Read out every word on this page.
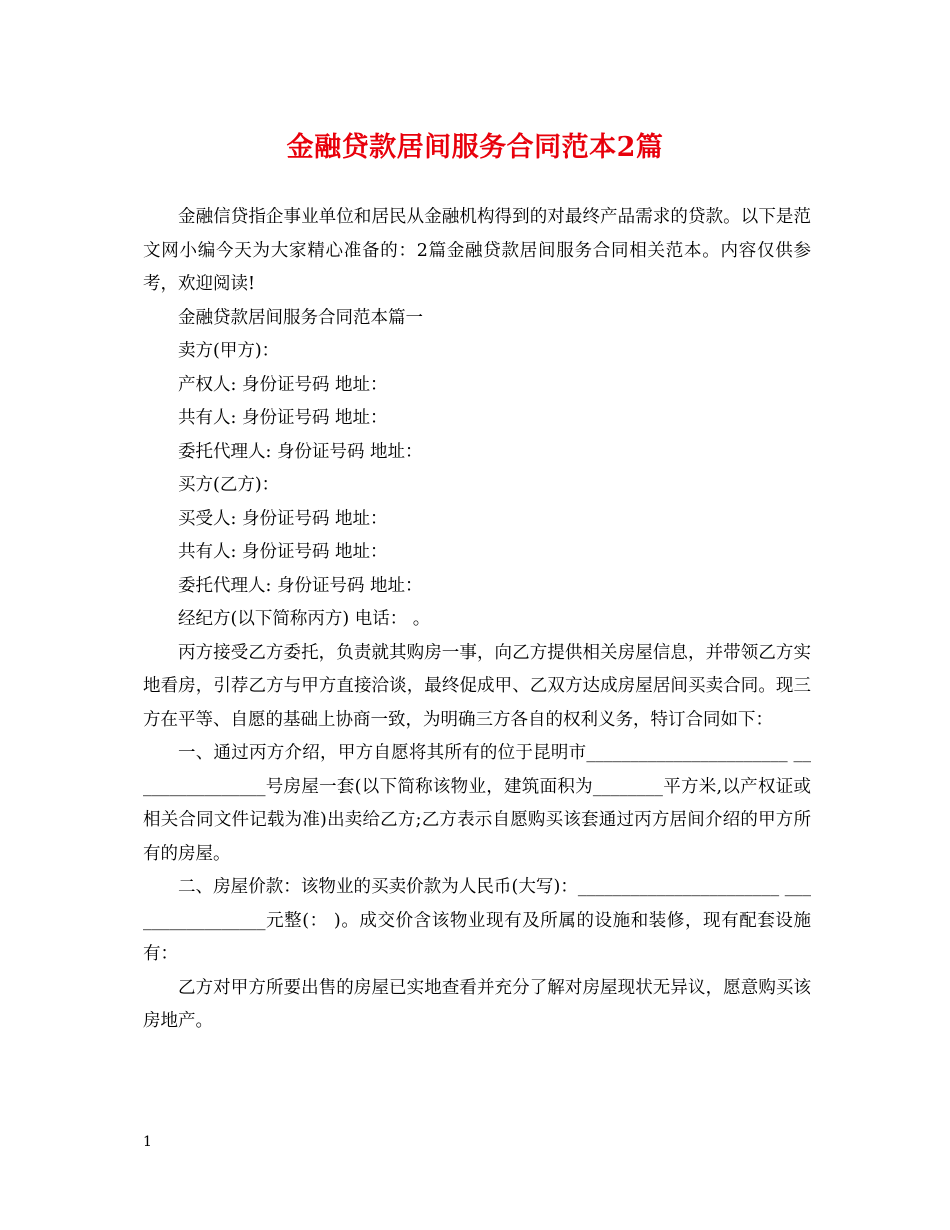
金融贷款居间服务合同范本2篇

金融信贷指企事业单位和居民从金融机构得到的对最终产品需求的贷款。以下是范文网小编今天为大家精心准备的：2篇金融贷款居间服务合同相关范本。内容仅供参考，欢迎阅读!

金融贷款居间服务合同范本篇一

卖方(甲方)：

产权人: 身份证号码 地址：

共有人: 身份证号码 地址：

委托代理人: 身份证号码 地址：

买方(乙方)：

买受人: 身份证号码 地址：

共有人: 身份证号码 地址：

委托代理人: 身份证号码 地址：

经纪方(以下简称丙方) 电话： 。

丙方接受乙方委托，负责就其购房一事，向乙方提供相关房屋信息，并带领乙方实地看房，引荐乙方与甲方直接洽谈，最终促成甲、乙双方达成房屋居间买卖合同。现三方在平等、自愿的基础上协商一致，为明确三方各自的权利义务，特订合同如下：

一、通过丙方介绍，甲方自愿将其所有的位于昆明市_______________________ ________________号房屋一套(以下简称该物业，建筑面积为________平方米,以产权证或相关合同文件记载为准)出卖给乙方;乙方表示自愿购买该套通过丙方居间介绍的甲方所有的房屋。

二、房屋价款：该物业的买卖价款为人民币(大写)：_______________________ _________________元整(： )。成交价含该物业现有及所属的设施和装修，现有配套设施有：

乙方对甲方所要出售的房屋已实地查看并充分了解对房屋现状无异议，愿意购买该房地产。

1
